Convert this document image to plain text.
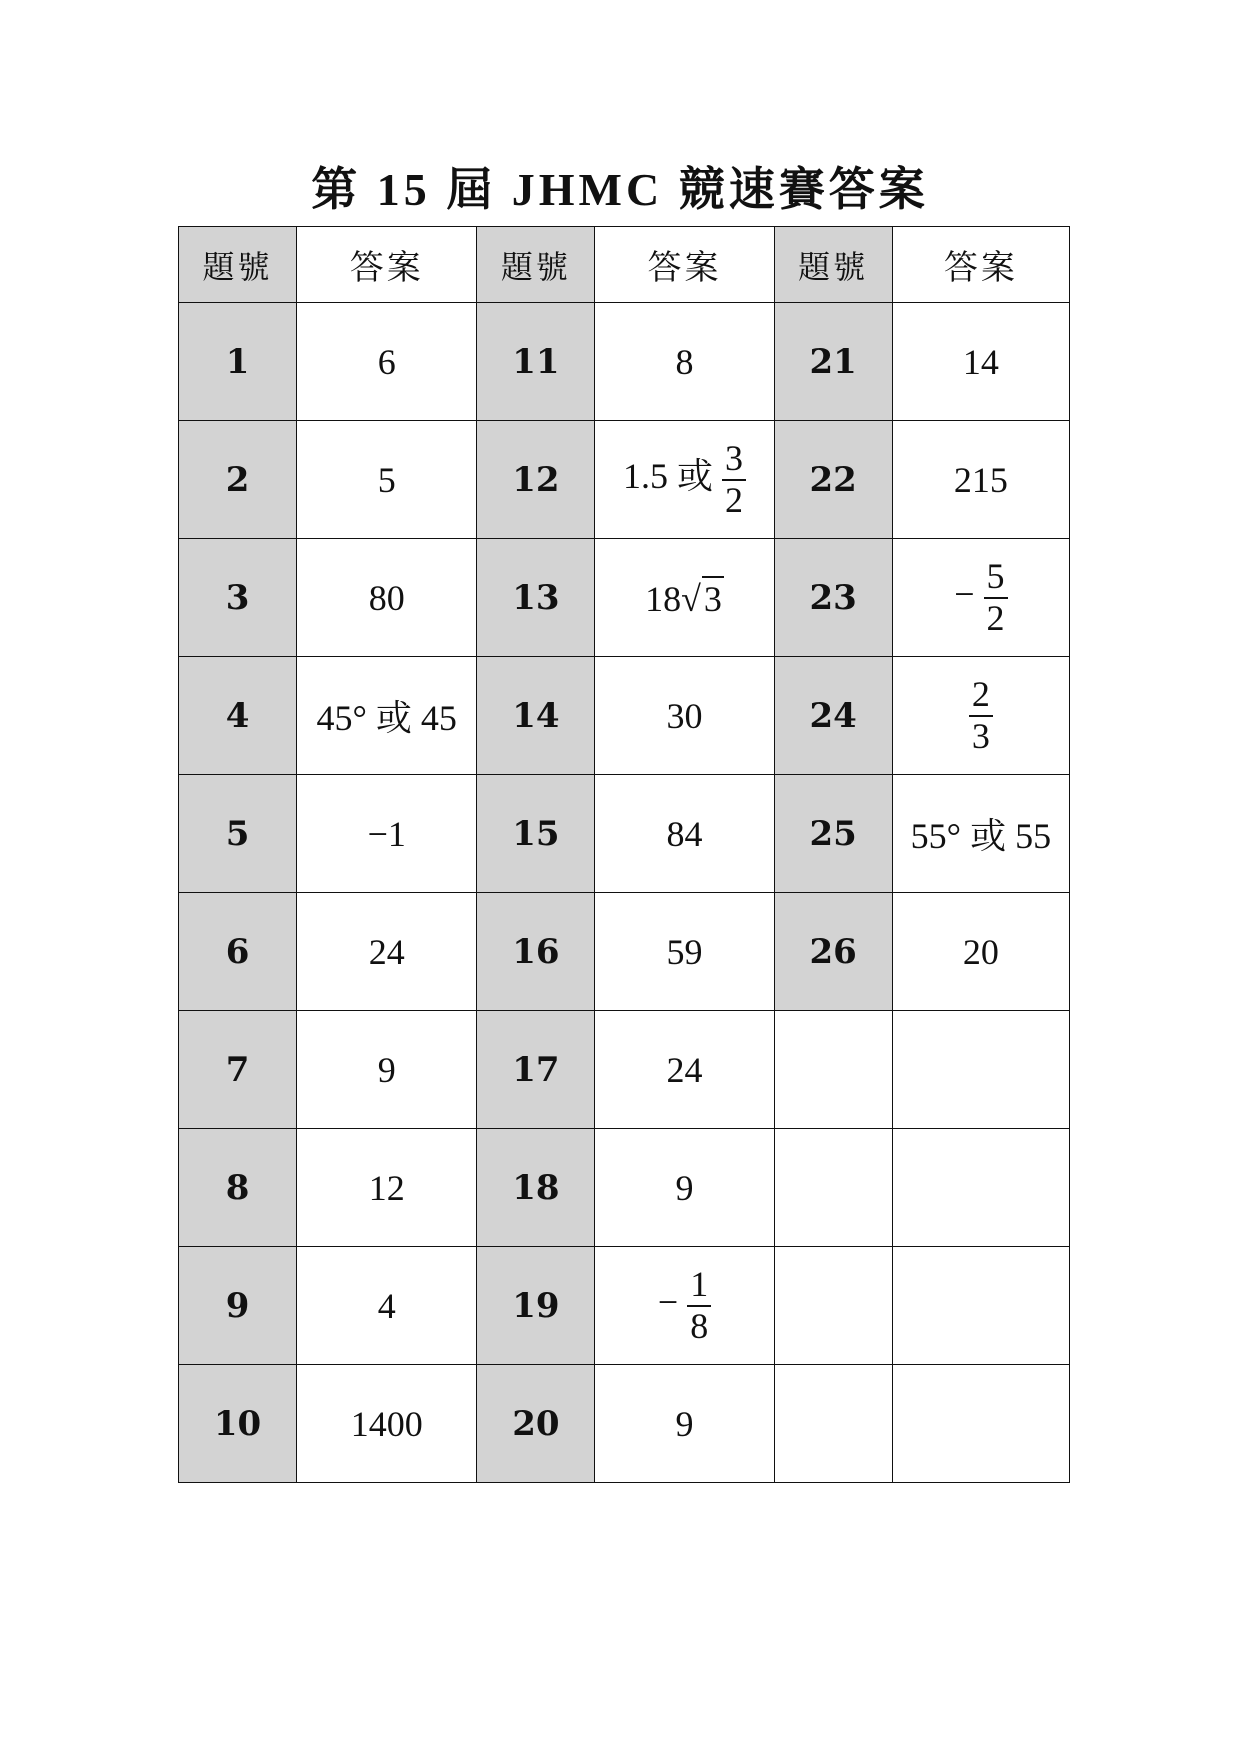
第 15 屆 JHMC 競速賽答案
題號	答案	題號	答案	題號	答案
1	6	11	8	21	14
2	5	12	1.5 或 $\frac{3}{2}$	22	215
3	80	13	18√3	23	− $\frac{5}{2}$

4	45° 或 45	14	30	24	$\frac{2}{3}$

5	−1	15	84	25	55° 或 55
6	24	16	59	26	20
7	9	17	24		
8	12	18	9		
9	4	19	− $\frac{1}{8}$

10	1400	20	9		
